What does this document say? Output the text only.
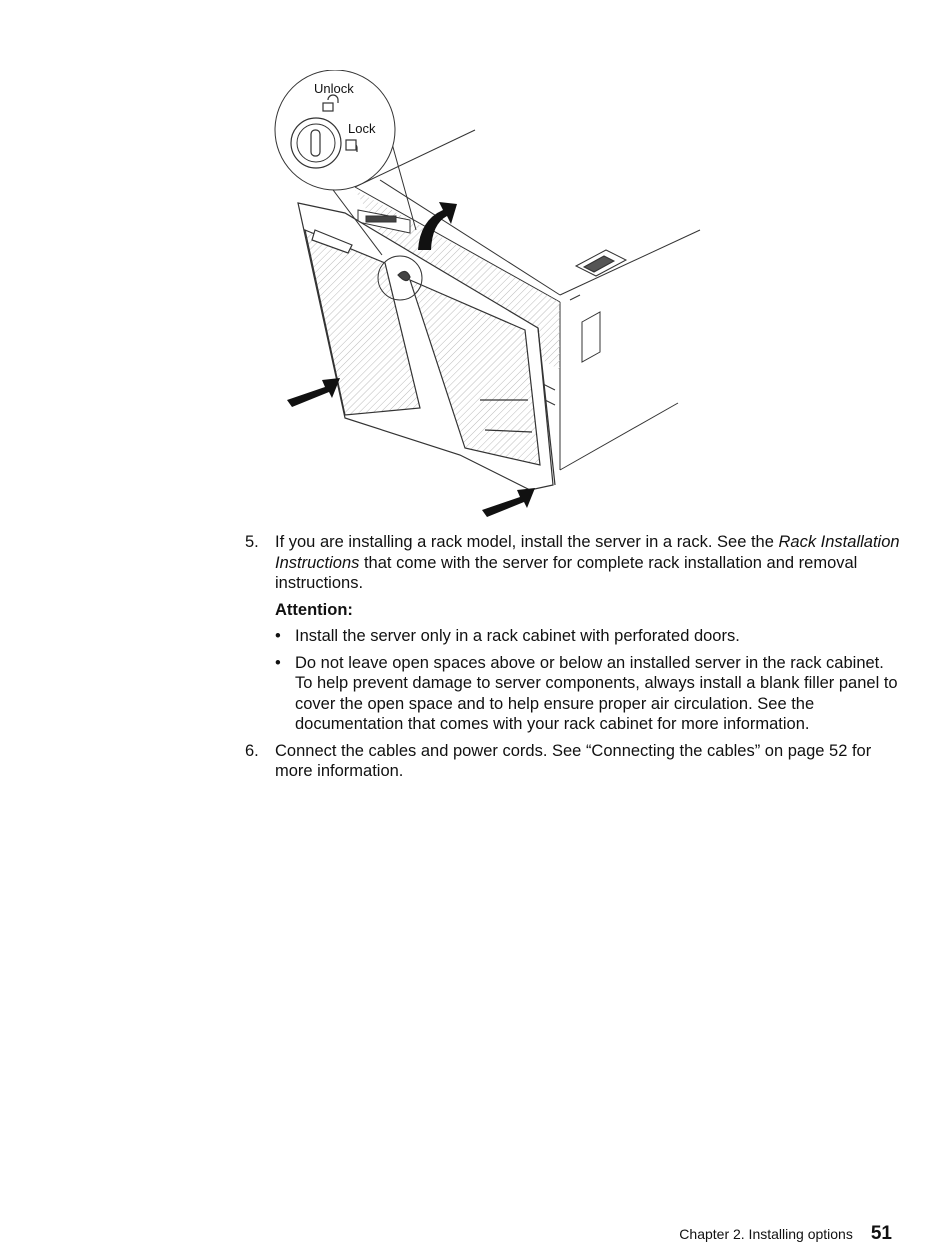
Unlock
Lock
5. If you are installing a rack model, install the server in a rack. See the Rack Installation Instructions that come with the server for complete rack installation and removal instructions.
Attention:
• Install the server only in a rack cabinet with perforated doors.
• Do not leave open spaces above or below an installed server in the rack cabinet. To help prevent damage to server components, always install a blank filler panel to cover the open space and to help ensure proper air circulation. See the documentation that comes with your rack cabinet for more information.
6. Connect the cables and power cords. See “Connecting the cables” on page 52 for more information.
Chapter 2. Installing options 51
